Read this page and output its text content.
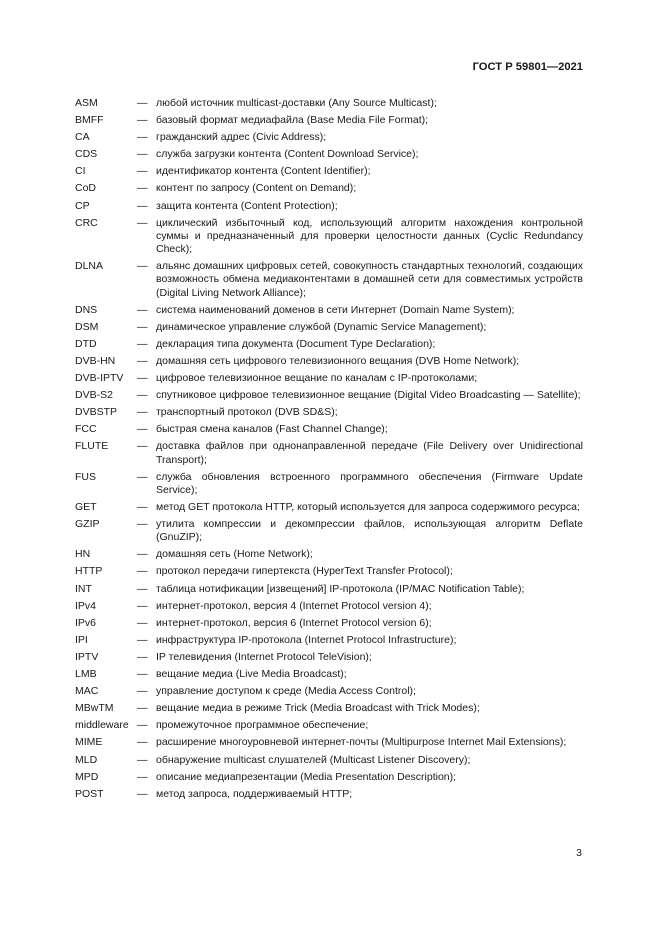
ГОСТ Р 59801—2021
ASM	— любой источник multicast-доставки (Any Source Multicast);
BMFF	— базовый формат медиафайла (Base Media File Format);
CA	— гражданский адрес (Civic Address);
CDS	— служба загрузки контента (Content Download Service);
CI	— идентификатор контента (Content Identifier);
CoD	— контент по запросу (Content on Demand);
CP	— защита контента (Content Protection);
CRC	— циклический избыточный код, использующий алгоритм нахождения контрольной суммы и предназначенный для проверки целостности данных (Cyclic Redundancy Check);
DLNA	— альянс домашних цифровых сетей, совокупность стандартных технологий, создающих возможность обмена медиаконтентами в домашней сети для совместимых устройств (Digital Living Network Alliance);
DNS	— система наименований доменов в сети Интернет (Domain Name System);
DSM	— динамическое управление службой (Dynamic Service Management);
DTD	— декларация типа документа (Document Type Declaration);
DVB-HN	— домашняя сеть цифрового телевизионного вещания (DVB Home Network);
DVB-IPTV	— цифровое телевизионное вещание по каналам с IP-протоколами;
DVB-S2	— спутниковое цифровое телевизионное вещание (Digital Video Broadcasting — Satellite);
DVBSTP	— транспортный протокол (DVB SD&S);
FCC	— быстрая смена каналов (Fast Channel Change);
FLUTE	— доставка файлов при однонаправленной передаче (File Delivery over Unidirectional Transport);
FUS	— служба обновления встроенного программного обеспечения (Firmware Update Service);
GET	— метод GET протокола HTTP, который используется для запроса содержимого ресурса;
GZIP	— утилита компрессии и декомпрессии файлов, использующая алгоритм Deflate (GnuZIP);
HN	— домашняя сеть (Home Network);
HTTP	— протокол передачи гипертекста (HyperText Transfer Protocol);
INT	— таблица нотификации [извещений] IP-протокола (IP/MAC Notification Table);
IPv4	— интернет-протокол, версия 4 (Internet Protocol version 4);
IPv6	— интернет-протокол, версия 6 (Internet Protocol version 6);
IPI	— инфраструктура IP-протокола (Internet Protocol Infrastructure);
IPTV	— IP телевидения (Internet Protocol TeleVision);
LMB	— вещание медиа (Live Media Broadcast);
MAC	— управление доступом к среде (Media Access Control);
MBwTM	— вещание медиа в режиме Trick (Media Broadcast with Trick Modes);
middleware — промежуточное программное обеспечение;
MIME	— расширение многоуровневой интернет-почты (Multipurpose Internet Mail Extensions);
MLD	— обнаружение multicast слушателей (Multicast Listener Discovery);
MPD	— описание медиапрезентации (Media Presentation Description);
POST	— метод запроса, поддерживаемый HTTP;
3
